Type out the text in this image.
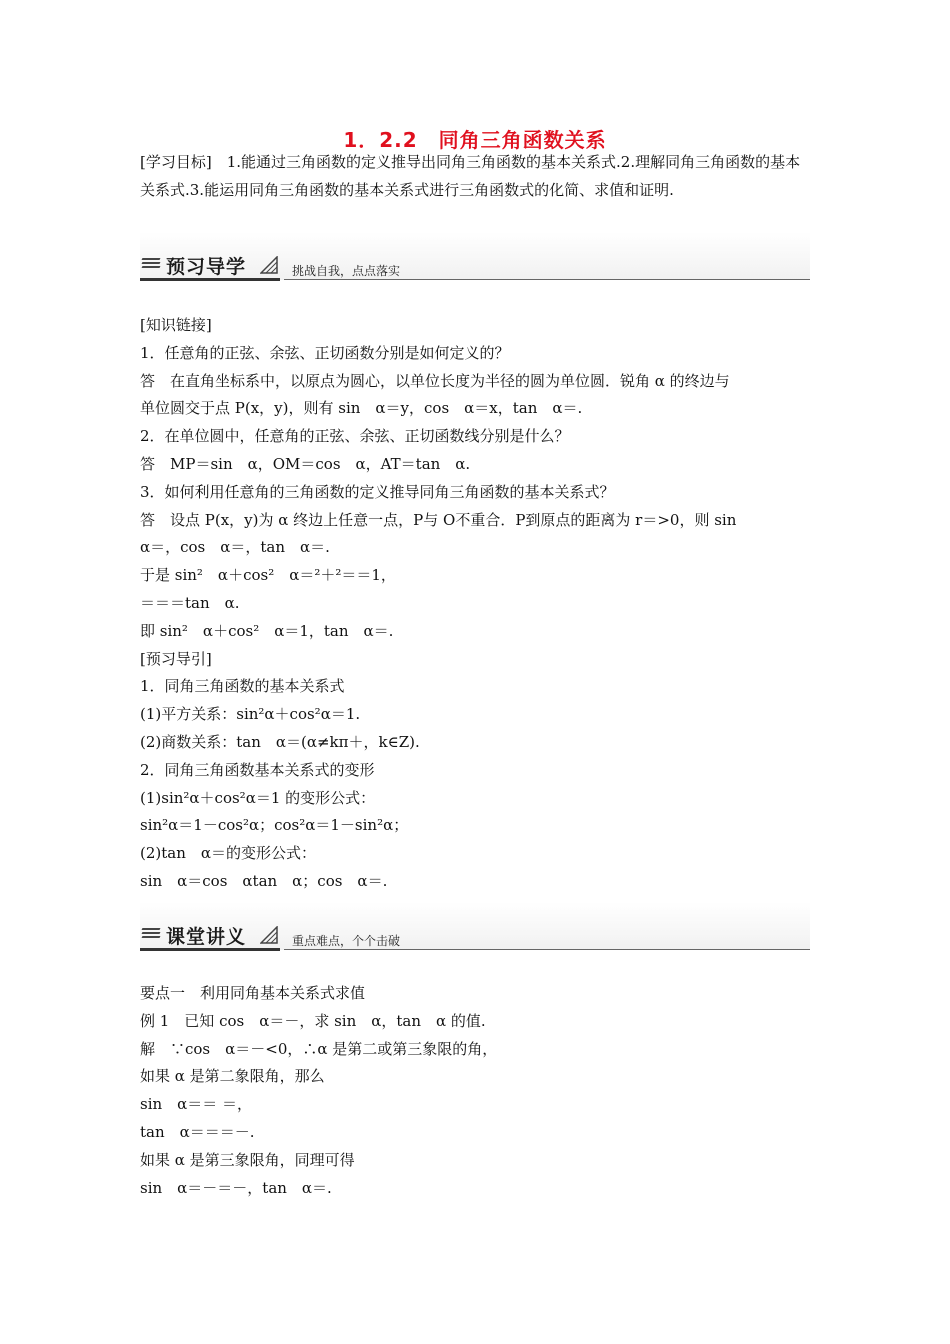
1．2.2　同角三角函数关系
[学习目标]　1.能通过三角函数的定义推导出同角三角函数的基本关系式.2.理解同角三角函数的基本关系式.3.能运用同角三角函数的基本关系式进行三角函数式的化简、求值和证明.
预习导学	挑战自我，点点落实
[知识链接]
1．任意角的正弦、余弦、正切函数分别是如何定义的？
答　在直角坐标系中，以原点为圆心，以单位长度为半径的圆为单位圆．锐角 α 的终边与
单位圆交于点 P(x，y)，则有 sin　α＝y，cos　α＝x，tan　α＝.
2．在单位圆中，任意角的正弦、余弦、正切函数线分别是什么？
答　MP＝sin　α，OM＝cos　α，AT＝tan　α.
3．如何利用任意角的三角函数的定义推导同角三角函数的基本关系式？
答　设点 P(x，y)为 α 终边上任意一点，P与 O不重合．P到原点的距离为 r＝>0，则 sin
α＝，cos　α＝，tan　α＝.
于是 sin²　α＋cos²　α＝²＋²＝＝1，
＝＝＝tan　α.
即 sin²　α＋cos²　α＝1，tan　α＝.
[预习导引]
1．同角三角函数的基本关系式
(1)平方关系：sin²α＋cos²α＝1.
(2)商数关系：tan　α＝(α≠kπ＋，k∈Z).
2．同角三角函数基本关系式的变形
(1)sin²α＋cos²α＝1 的变形公式：
sin²α＝1－cos²α；cos²α＝1－sin²α；
(2)tan　α＝的变形公式：
sin　α＝cos　αtan　α；cos　α＝.
课堂讲义	重点难点，个个击破
要点一　利用同角基本关系式求值
例 1　已知 cos　α＝－，求 sin　α，tan　α 的值.
解　∵cos　α＝－<0，∴α 是第二或第三象限的角，
如果 α 是第二象限角，那么
sin　α＝＝ ＝，
tan　α＝＝＝－.
如果 α 是第三象限角，同理可得
sin　α＝－＝－，tan　α＝.
